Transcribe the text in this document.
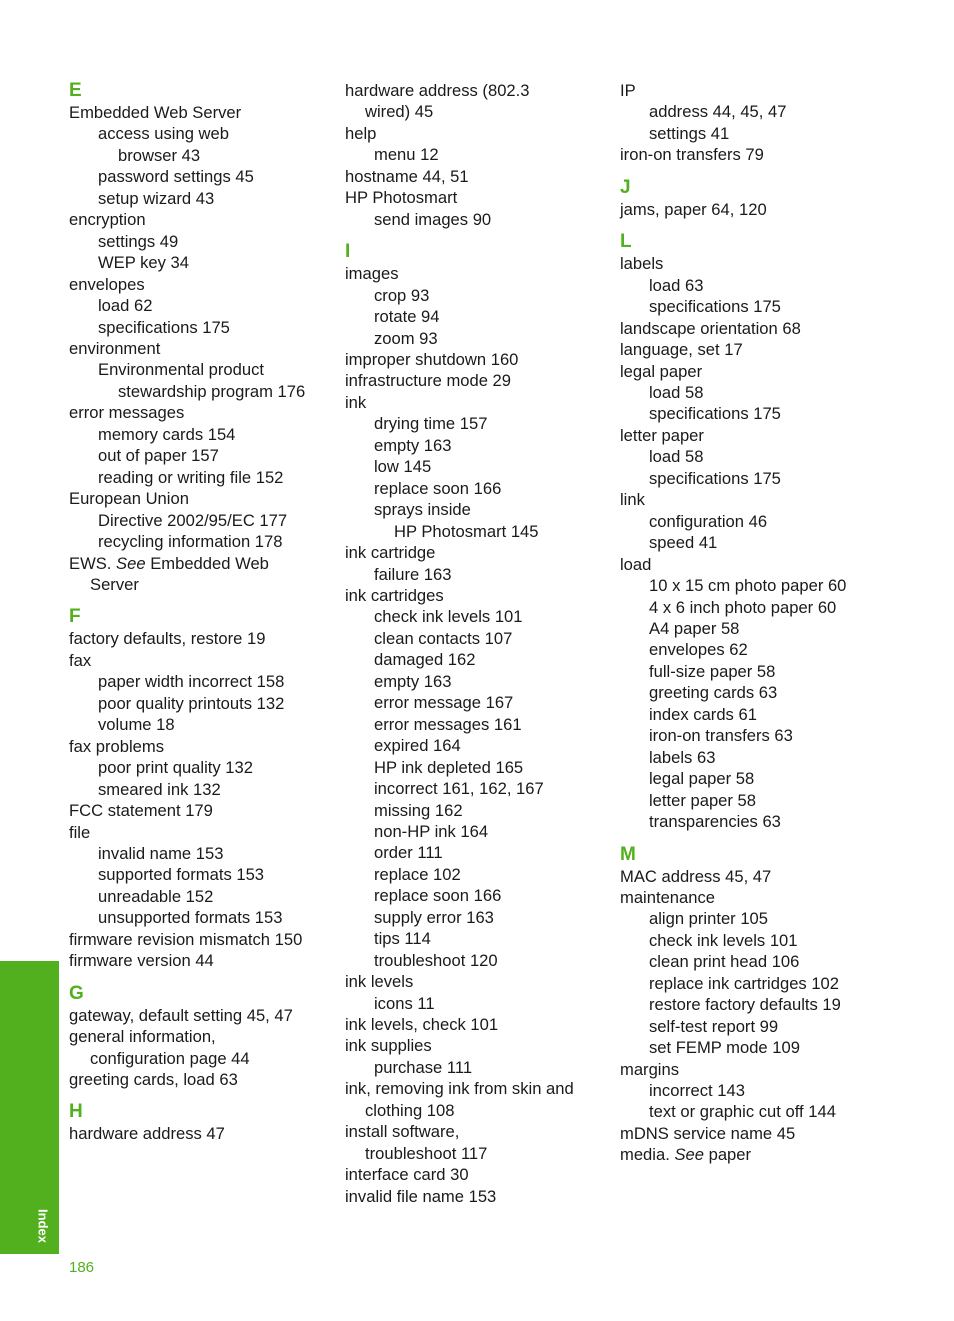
E
Embedded Web Server
access using web
browser 43
password settings 45
setup wizard 43
encryption
settings 49
WEP key 34
envelopes
load 62
specifications 175
environment
Environmental product
stewardship program 176
error messages
memory cards 154
out of paper 157
reading or writing file 152
European Union
Directive 2002/95/EC 177
recycling information 178
EWS. See Embedded Web
Server
F
factory defaults, restore 19
fax
paper width incorrect 158
poor quality printouts 132
volume 18
fax problems
poor print quality 132
smeared ink 132
FCC statement 179
file
invalid name 153
supported formats 153
unreadable 152
unsupported formats 153
firmware revision mismatch 150
firmware version 44
G
gateway, default setting 45, 47
general information,
configuration page 44
greeting cards, load 63
H
hardware address 47
hardware address (802.3
wired) 45
help
menu 12
hostname 44, 51
HP Photosmart
send images 90
I
images
crop 93
rotate 94
zoom 93
improper shutdown 160
infrastructure mode 29
ink
drying time 157
empty 163
low 145
replace soon 166
sprays inside
HP Photosmart 145
ink cartridge
failure 163
ink cartridges
check ink levels 101
clean contacts 107
damaged 162
empty 163
error message 167
error messages 161
expired 164
HP ink depleted 165
incorrect 161, 162, 167
missing 162
non-HP ink 164
order 111
replace 102
replace soon 166
supply error 163
tips 114
troubleshoot 120
ink levels
icons 11
ink levels, check 101
ink supplies
purchase 111
ink, removing ink from skin and
clothing 108
install software,
troubleshoot 117
interface card 30
invalid file name 153
IP
address 44, 45, 47
settings 41
iron-on transfers 79
J
jams, paper 64, 120
L
labels
load 63
specifications 175
landscape orientation 68
language, set 17
legal paper
load 58
specifications 175
letter paper
load 58
specifications 175
link
configuration 46
speed 41
load
10 x 15 cm photo paper 60
4 x 6 inch photo paper 60
A4 paper 58
envelopes 62
full-size paper 58
greeting cards 63
index cards 61
iron-on transfers 63
labels 63
legal paper 58
letter paper 58
transparencies 63
M
MAC address 45, 47
maintenance
align printer 105
check ink levels 101
clean print head 106
replace ink cartridges 102
restore factory defaults 19
self-test report 99
set FEMP mode 109
margins
incorrect 143
text or graphic cut off 144
mDNS service name 45
media. See paper
Index
186
